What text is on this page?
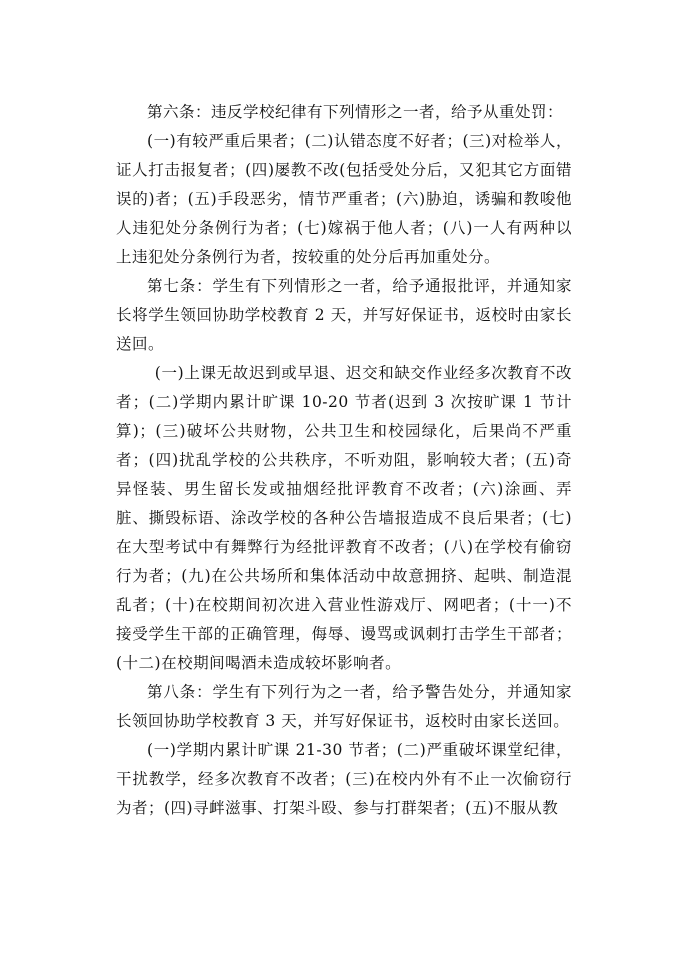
第六条：违反学校纪律有下列情形之一者，给予从重处罚：

(一)有较严重后果者；(二)认错态度不好者；(三)对检举人，证人打击报复者；(四)屡教不改(包括受处分后，又犯其它方面错误的)者；(五)手段恶劣，情节严重者；(六)胁迫，诱骗和教唆他人违犯处分条例行为者；(七)嫁祸于他人者；(八)一人有两种以上违犯处分条例行为者，按较重的处分后再加重处分。

第七条：学生有下列情形之一者，给予通报批评，并通知家长将学生领回协助学校教育 2 天，并写好保证书，返校时由家长送回。

(一)上课无故迟到或早退、迟交和缺交作业经多次教育不改者；(二)学期内累计旷课 10-20 节者(迟到 3 次按旷课 1 节计算)；(三)破坏公共财物，公共卫生和校园绿化，后果尚不严重者；(四)扰乱学校的公共秩序，不听劝阻，影响较大者；(五)奇异怪装、男生留长发或抽烟经批评教育不改者；(六)涂画、弄脏、撕毁标语、涂改学校的各种公告墙报造成不良后果者；(七)在大型考试中有舞弊行为经批评教育不改者；(八)在学校有偷窃行为者；(九)在公共场所和集体活动中故意拥挤、起哄、制造混乱者；(十)在校期间初次进入营业性游戏厅、网吧者；(十一)不接受学生干部的正确管理，侮辱、谩骂或讽刺打击学生干部者；(十二)在校期间喝酒未造成较坏影响者。

第八条：学生有下列行为之一者，给予警告处分，并通知家长领回协助学校教育 3 天，并写好保证书，返校时由家长送回。

(一)学期内累计旷课 21-30 节者；(二)严重破坏课堂纪律，干扰教学，经多次教育不改者；(三)在校内外有不止一次偷窃行为者；(四)寻衅滋事、打架斗殴、参与打群架者；(五)不服从教
